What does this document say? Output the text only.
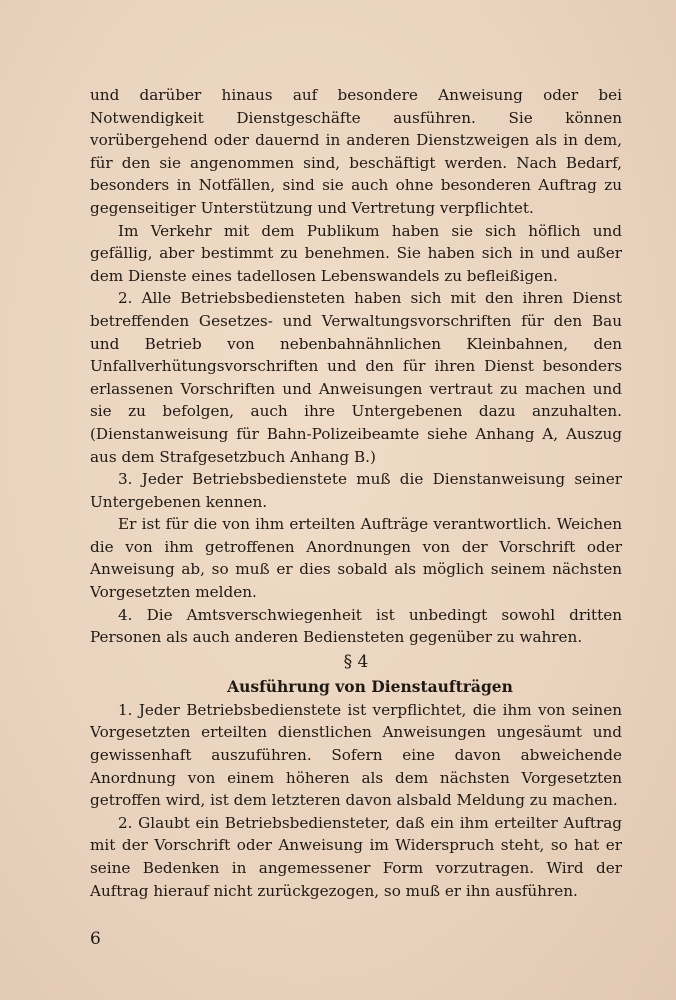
und darüber hinaus auf besondere Anweisung oder bei Notwendigkeit Dienstgeschäfte ausführen. Sie können vorübergehend oder dauernd in anderen Dienstzweigen als in dem, für den sie angenommen sind, beschäftigt werden. Nach Bedarf, besonders in Notfällen, sind sie auch ohne besonderen Auftrag zu gegenseitiger Unterstützung und Vertretung verpflichtet.

Im Verkehr mit dem Publikum haben sie sich höflich und gefällig, aber bestimmt zu benehmen. Sie haben sich in und außer dem Dienste eines tadellosen Lebenswandels zu befleißigen.

2. Alle Betriebsbediensteten haben sich mit den ihren Dienst betreffenden Gesetzes- und Verwaltungsvorschriften für den Bau und Betrieb von nebenbahnähnlichen Kleinbahnen, den Unfallverhütungsvorschriften und den für ihren Dienst besonders erlassenen Vorschriften und Anweisungen vertraut zu machen und sie zu befolgen, auch ihre Untergebenen dazu anzuhalten. (Dienstanweisung für Bahn-Polizeibeamte siehe Anhang A, Auszug aus dem Strafgesetzbuch Anhang B.)

3. Jeder Betriebsbedienstete muß die Dienstanweisung seiner Untergebenen kennen.

Er ist für die von ihm erteilten Aufträge verantwortlich. Weichen die von ihm getroffenen Anordnungen von der Vorschrift oder Anweisung ab, so muß er dies sobald als möglich seinem nächsten Vorgesetzten melden.

4. Die Amtsverschwiegenheit ist unbedingt sowohl dritten Personen als auch anderen Bediensteten gegenüber zu wahren.

§ 4

Ausführung von Dienstaufträgen

1. Jeder Betriebsbedienstete ist verpflichtet, die ihm von seinen Vorgesetzten erteilten dienstlichen Anweisungen ungesäumt und gewissenhaft auszuführen. Sofern eine davon abweichende Anordnung von einem höheren als dem nächsten Vorgesetzten getroffen wird, ist dem letzteren davon alsbald Meldung zu machen.

2. Glaubt ein Betriebsbediensteter, daß ein ihm erteilter Auftrag mit der Vorschrift oder Anweisung im Widerspruch steht, so hat er seine Bedenken in angemessener Form vorzutragen. Wird der Auftrag hierauf nicht zurückgezogen, so muß er ihn ausführen.

6
